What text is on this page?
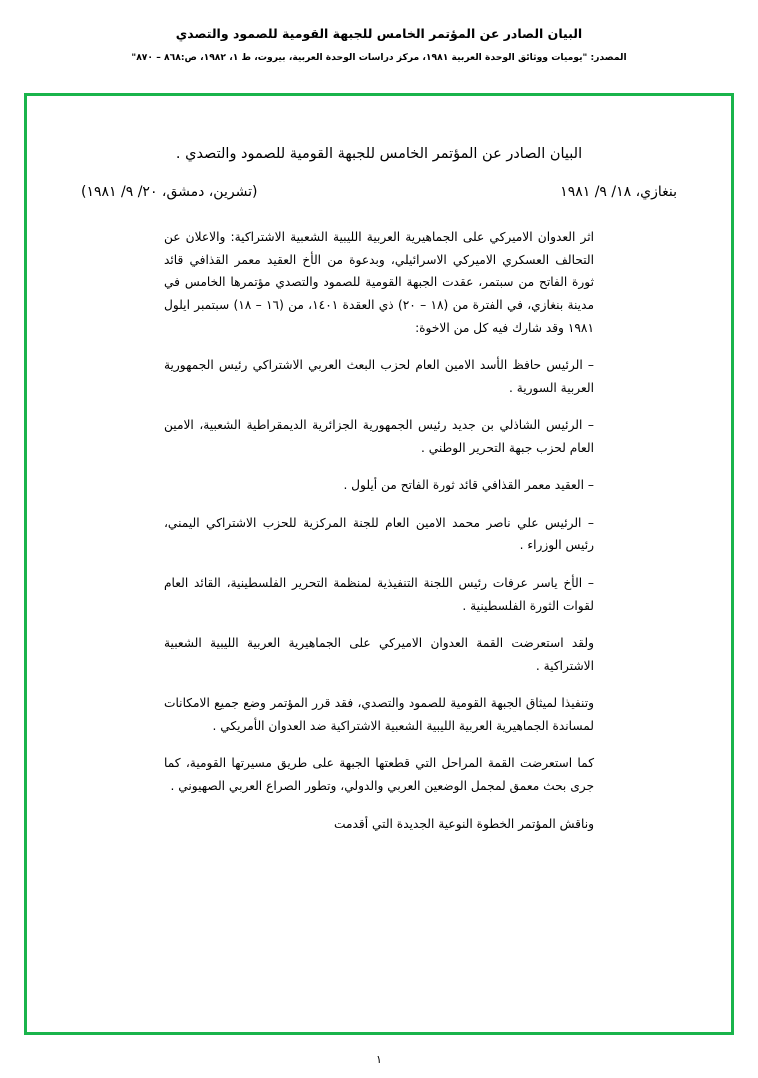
البيان الصادر عن المؤتمر الخامس للجبهة القومية للصمود والتصدي
المصدر: "يوميات ووثائق الوحدة العربية ١٩٨١، مركز دراسات الوحدة العربية، بيروت، ط ١، ١٩٨٢، ص:٨٦٨ – ٨٧٠"
البيان الصادر عن المؤتمر الخامس للجبهة القومية للصمود والتصدي .
بنغازي، ١٨/ ٩/ ١٩٨١
(تشرين، دمشق، ٢٠/ ٩/ ١٩٨١)

اثر العدوان الاميركي على الجماهيرية العربية الليبية الشعبية الاشتراكية: والاعلان عن التحالف العسكري الاميركي الاسرائيلي، وبدعوة من الأخ العقيد معمر القذافي قائد ثورة الفاتح من سبتمر، عقدت الجبهة القومية للصمود والتصدي مؤتمرها الخامس في مدينة بنغازي، في الفترة من (١٨ – ٢٠) ذي العقدة ١٤٠١، من (١٦ – ١٨) سبتمبر ايلول ١٩٨١ وقد شارك فيه كل من الاخوة:

– الرئيس حافظ الأسد الامين العام لحزب البعث العربي الاشتراكي رئيس الجمهورية العربية السورية .

– الرئيس الشاذلي بن جديد رئيس الجمهورية الجزائرية الديمقراطية الشعبية، الامين العام لحزب جبهة التحرير الوطني .

– العقيد معمر القذافي قائد ثورة الفاتح من أيلول .

– الرئيس علي ناصر محمد الامين العام للجنة المركزية للحزب الاشتراكي اليمني، رئيس الوزراء .

– الأخ ياسر عرفات رئيس اللجنة التنفيذية لمنظمة التحرير الفلسطينية، القائد العام لقوات الثورة الفلسطينية .

ولقد استعرضت القمة العدوان الاميركي على الجماهيرية العربية الليبية الشعبية الاشتراكية .

وتنفيذا لميثاق الجبهة القومية للصمود والتصدي، فقد قرر المؤتمر وضع جميع الامكانات لمساندة الجماهيرية العربية الليبية الشعبية الاشتراكية ضد العدوان الأمريكي .

كما استعرضت القمة المراحل التي قطعتها الجبهة على طريق مسيرتها القومية، كما جرى بحث معمق لمجمل الوضعين العربي والدولي، وتطور الصراع العربي الصهيوني .

وناقش المؤتمر الخطوة النوعية الجديدة التي أقدمت

١
